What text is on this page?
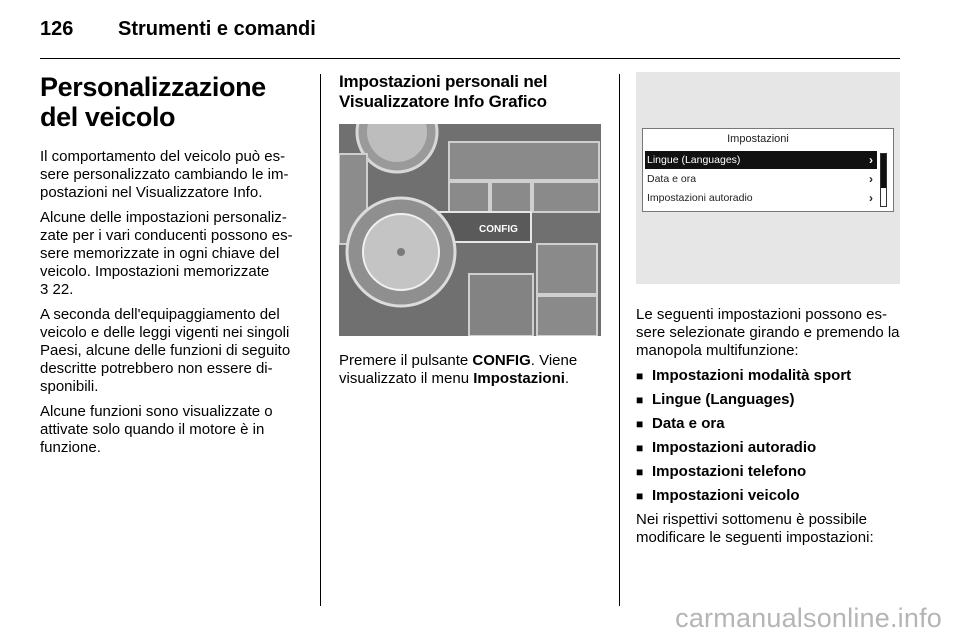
126	Strumenti e comandi
Personalizzazione del veicolo

Il comportamento del veicolo può essere personalizzato cambiando le impostazioni nel Visualizzatore Info.

Alcune delle impostazioni personalizzate per i vari conducenti possono essere memorizzate in ogni chiave del veicolo. Impostazioni memorizzate

3 22.

A seconda dell'equipaggiamento del veicolo e delle leggi vigenti nei singoli Paesi, alcune delle funzioni di seguito descritte potrebbero non essere disponibili.

Alcune funzioni sono visualizzate o attivate solo quando il motore è in funzione.

Impostazioni personali nel Visualizzatore Info Grafico
CONFIG

Premere il pulsante CONFIG. Viene visualizzato il menu Impostazioni.

Impostazioni
Lingue (Languages)	›
Data e ora	›
Impostazioni autoradio	›

Le seguenti impostazioni possono essere selezionate girando e premendo la manopola multifunzione:

■ Impostazioni modalità sport
■ Lingue (Languages)
■ Data e ora
■ Impostazioni autoradio
■ Impostazioni telefono
■ Impostazioni veicolo

Nei rispettivi sottomenu è possibile modificare le seguenti impostazioni:

carmanualsonline.info
